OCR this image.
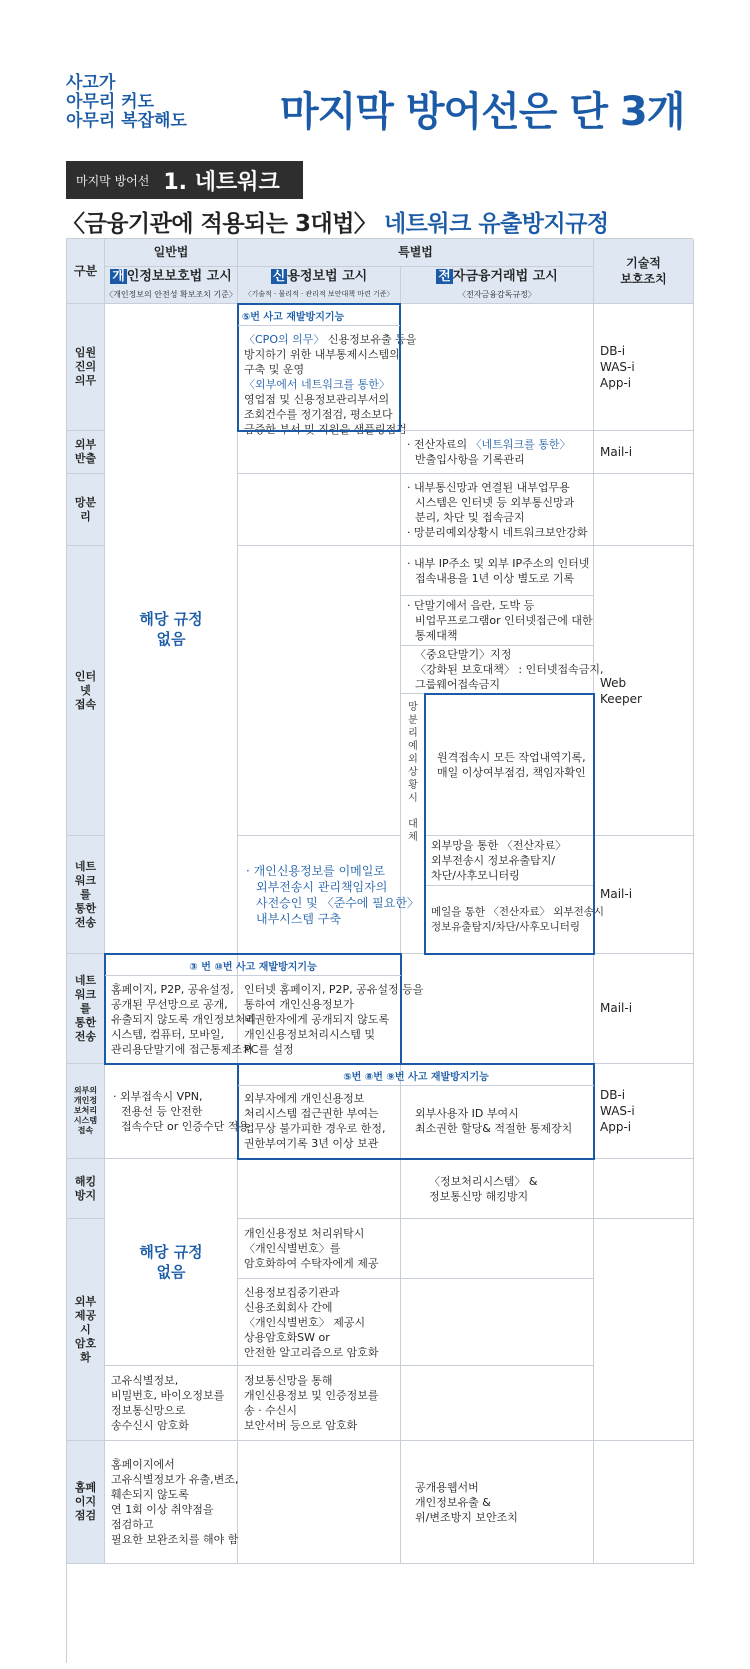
사고가
아무리 커도
아무리 복잡해도	마지막 방어선은 단 3개
마지막 방어선 1. 네트워크
〈금융기관에 적용되는 3대법〉 네트워크 유출방지규정
구분
일반법	특별법
기술적
보호조치
개 인정보보호법 고시
〈개인정보의 안전성 확보조치 기준〉
신 용정보법 고시
〈기술적 · 물리적 · 관리적 보안대책 마련 기준〉
전 자금융거래법 고시
〈전자금융감독규정〉
임원진의
의무
외부
반출
망분리
인터넷
접속
네트워크
를 통한
전송
네트워크
를 통한
전송
외부의
개인정보처리
시스템
접속
해킹
방지
외부
제공시
암호화
홈페이지
점검
해당 규정
없음
홈페이지, P2P, 공유설정,
공개된 무선망으로 공개,
유출되지 않도록 개인정보처리
시스템, 컴퓨터, 모바일,
관리용단말기에 접근통제조치
· 외부접속시 VPN,
전용선 등 안전한
접속수단 or 인증수단 적용
해당 규정
없음
고유식별정보,
비밀번호, 바이오정보를
정보통신망으로
송수신시 암호화
홈페이지에서
고유식별정보가 유출,변조,
훼손되지 않도록
연 1회 이상 취약점을
점검하고
필요한 보완조치를 해야 함
〈CPO의 의무〉 신용정보유출 등을
방지하기 위한 내부통제시스템의
구축 및 운영
〈외부에서 네트워크를 통한〉
영업점 및 신용정보관리부서의
조회건수를 정기점검, 평소보다
급증한 부서 및 직원을 샘플링점검
· 개인신용정보를 이메일로
외부전송시 관리책임자의
사전승인 및 〈준수에 필요한〉
내부시스템 구축
인터넷 홈페이지, P2P, 공유설정 등을
통하여 개인신용정보가
비권한자에게 공개되지 않도록
개인신용정보처리시스템 및
PC를 설정
외부자에게 개인신용정보
처리시스템 접근권한 부여는
업무상 불가피한 경우로 한정,
권한부여기록 3년 이상 보관
개인신용정보 처리위탁시
〈개인식별번호〉를
암호화하여 수탁자에게 제공
신용정보집중기관과
신용조회회사 간에
〈개인식별번호〉 제공시
상용암호화SW or
안전한 알고리즘으로 암호화
정보통신망을 통해
개인신용정보 및 인증정보를
송 · 수신시
보안서버 등으로 암호화
· 전산자료의 〈네트워크를 통한〉
반출입사항을 기록관리
· 내부통신망과 연결된 내부업무용
시스템은 인터넷 등 외부통신망과
분리, 차단 및 접속금지
· 망분리예외상황시 네트워크보안강화
· 내부 IP주소 및 외부 IP주소의 인터넷
접속내용을 1년 이상 별도로 기록
· 단말기에서 음란, 도박 등
비업무프로그램or 인터넷접근에 대한
통제대책
〈중요단말기〉지정
〈강화된 보호대책〉 : 인터넷접속금지,
그룹웨어접속금지
원격접속시 모든 작업내역기록,
매일 이상여부점검, 책임자확인
외부망을 통한 〈전산자료〉
외부전송시 정보유출탐지/
차단/사후모니터링
메일을 통한 〈전산자료〉 외부전송시
정보유출탐지/차단/사후모니터링
외부사용자 ID 부여시
최소권한 할당& 적절한 통제장치
〈정보처리시스템〉 &
정보통신망 해킹방지
공개용웹서버
개인정보유출 &
위/변조방지 보안조치
DB-i
WAS-i
App-i
Mail-i
Web
Keeper
Mail-i
Mail-i
DB-i
WAS-i
App-i
망
분
리
예
외
상
황
시
대
체
⑤번 사고 재발방지기능
③ 번 ⑩번 사고 재발방지기능
⑤번 ⑧번 ⑨번 사고 재발방지기능
